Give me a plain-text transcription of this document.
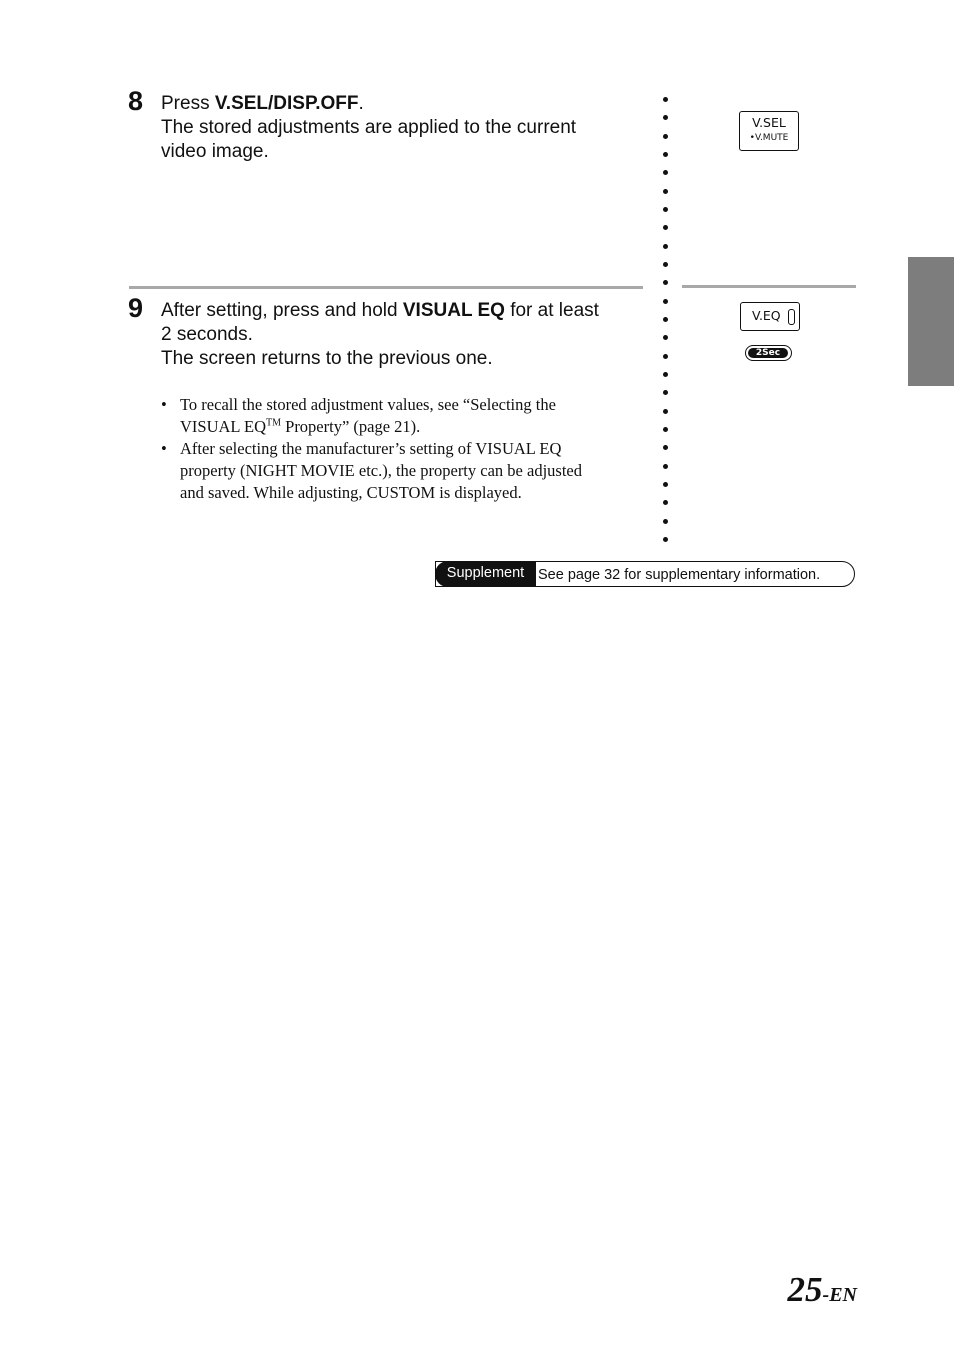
8 Press V.SEL/DISP.OFF.
The stored adjustments are applied to the current
video image.
V.SEL
•V.MUTE
9 After setting, press and hold VISUAL EQ for at least
2 seconds.
The screen returns to the previous one.
V.EQ
2Sec
• To recall the stored adjustment values, see “Selecting the
VISUAL EQ™ Property” (page 21).
• After selecting the manufacturer’s setting of VISUAL EQ
property (NIGHT MOVIE etc.), the property can be adjusted
and saved. While adjusting, CUSTOM is displayed.
Supplement See page 32 for supplementary information.
25-EN
